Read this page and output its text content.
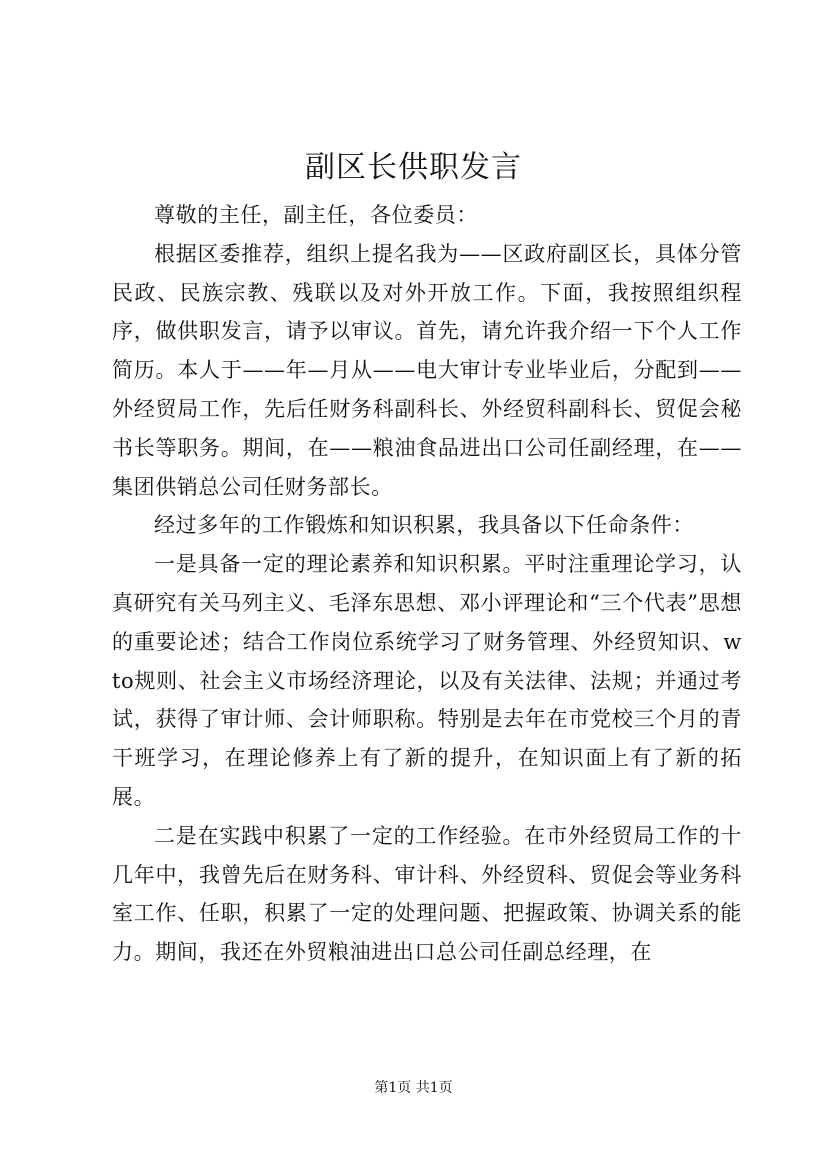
副区长供职发言

尊敬的主任，副主任，各位委员：

根据区委推荐，组织上提名我为——区政府副区长，具体分管民政、民族宗教、残联以及对外开放工作。下面，我按照组织程序，做供职发言，请予以审议。首先，请允许我介绍一下个人工作简历。本人于——年—月从——电大审计专业毕业后，分配到——外经贸局工作，先后任财务科副科长、外经贸科副科长、贸促会秘书长等职务。期间，在——粮油食品进出口公司任副经理，在——集团供销总公司任财务部长。

经过多年的工作锻炼和知识积累，我具备以下任命条件：

一是具备一定的理论素养和知识积累。平时注重理论学习，认真研究有关马列主义、毛泽东思想、邓小评理论和“三个代表”思想的重要论述；结合工作岗位系统学习了财务管理、外经贸知识、wto规则、社会主义市场经济理论，以及有关法律、法规；并通过考试，获得了审计师、会计师职称。特别是去年在市党校三个月的青干班学习，在理论修养上有了新的提升，在知识面上有了新的拓展。

二是在实践中积累了一定的工作经验。在市外经贸局工作的十几年中，我曾先后在财务科、审计科、外经贸科、贸促会等业务科室工作、任职，积累了一定的处理问题、把握政策、协调关系的能力。期间，我还在外贸粮油进出口总公司任副总经理，在

第1页 共1页
